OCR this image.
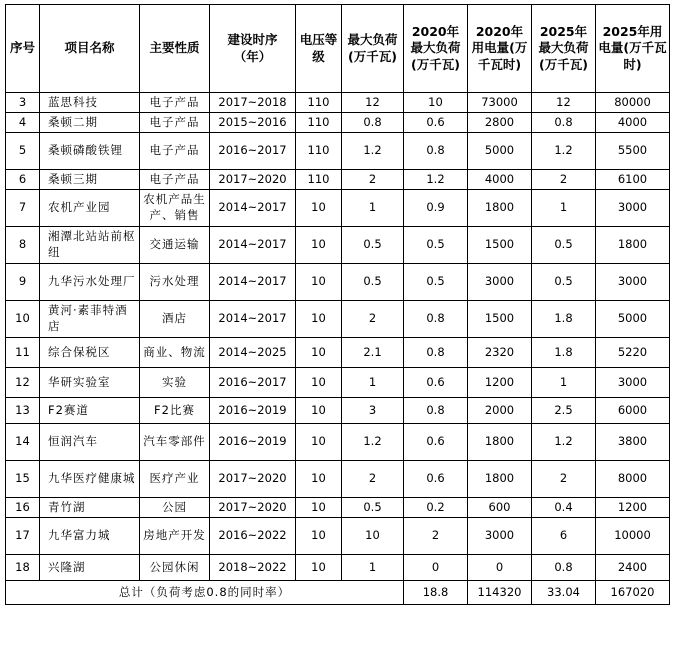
序号	项目名称	主要性质	建设时序（年）	电压等级	最大负荷(万千瓦)	2020年最大负荷(万千瓦)	2020年用电量(万千瓦时)	2025年最大负荷(万千瓦)	2025年用电量(万千瓦时)
3	蓝思科技	电子产品	2017~2018	110	12	10	73000	12	80000
4	桑顿二期	电子产品	2015~2016	110	0.8	0.6	2800	0.8	4000
5	桑顿磷酸铁锂	电子产品	2016~2017	110	1.2	0.8	5000	1.2	5500
6	桑顿三期	电子产品	2017~2020	110	2	1.2	4000	2	6100
7	农机产业园	农机产品生产、销售	2014~2017	10	1	0.9	1800	1	3000
8	湘潭北站站前枢纽	交通运输	2014~2017	10	0.5	0.5	1500	0.5	1800
9	九华污水处理厂	污水处理	2014~2017	10	0.5	0.5	3000	0.5	3000
10	黄河·素菲特酒店	酒店	2014~2017	10	2	0.8	1500	1.8	5000
11	综合保税区	商业、物流	2014~2025	10	2.1	0.8	2320	1.8	5220
12	华研实验室	实验	2016~2017	10	1	0.6	1200	1	3000
13	F2赛道	F2比赛	2016~2019	10	3	0.8	2000	2.5	6000
14	恒润汽车	汽车零部件	2016~2019	10	1.2	0.6	1800	1.2	3800
15	九华医疗健康城	医疗产业	2017~2020	10	2	0.6	1800	2	8000
16	青竹湖	公园	2017~2020	10	0.5	0.2	600	0.4	1200
17	九华富力城	房地产开发	2016~2022	10	10	2	3000	6	10000
18	兴隆湖	公园休闲	2018~2022	10	1	0	0	0.8	2400
总计（负荷考虑0.8的同时率）						18.8	114320	33.04	167020
